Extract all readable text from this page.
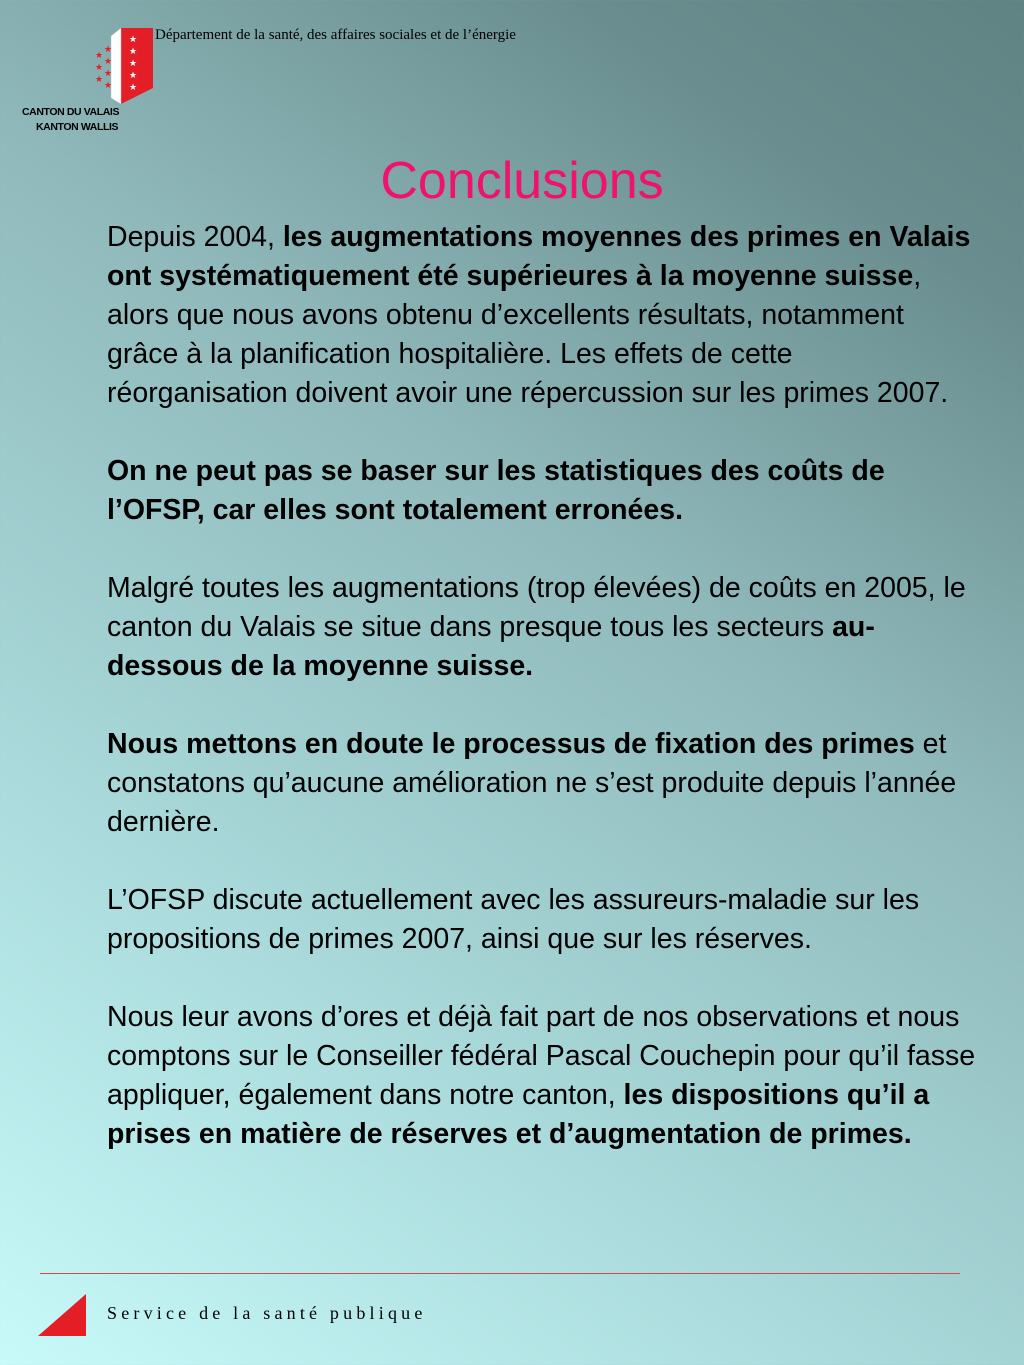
★
★
★
★
★
★
★
★
★
★
★
★
CANTON DU VALAIS
KANTON WALLIS
Département de la santé, des affaires sociales et de l’énergie
Conclusions

Depuis 2004, les augmentations moyennes des primes en Valais ont systématiquement été supérieures à la moyenne suisse, alors que nous avons obtenu d’excellents résultats, notamment grâce à la planification hospitalière. Les effets de cette réorganisation doivent avoir une répercussion sur les primes 2007.

On ne peut pas se baser sur les statistiques des coûts de l’OFSP, car elles sont totalement erronées.

Malgré toutes les augmentations (trop élevées) de coûts en 2005, le canton du Valais se situe dans presque tous les secteurs au-dessous de la moyenne suisse.

Nous mettons en doute le processus de fixation des primes et constatons qu’aucune amélioration ne s’est produite depuis l’année dernière.

L’OFSP discute actuellement avec les assureurs-maladie sur les propositions de primes 2007, ainsi que sur les réserves.

Nous leur avons d’ores et déjà fait part de nos observations et nous comptons sur le Conseiller fédéral Pascal Couchepin pour qu’il fasse appliquer, également dans notre canton, les dispositions qu’il a prises en matière de réserves et d’augmentation de primes.

Service de la santé publique
